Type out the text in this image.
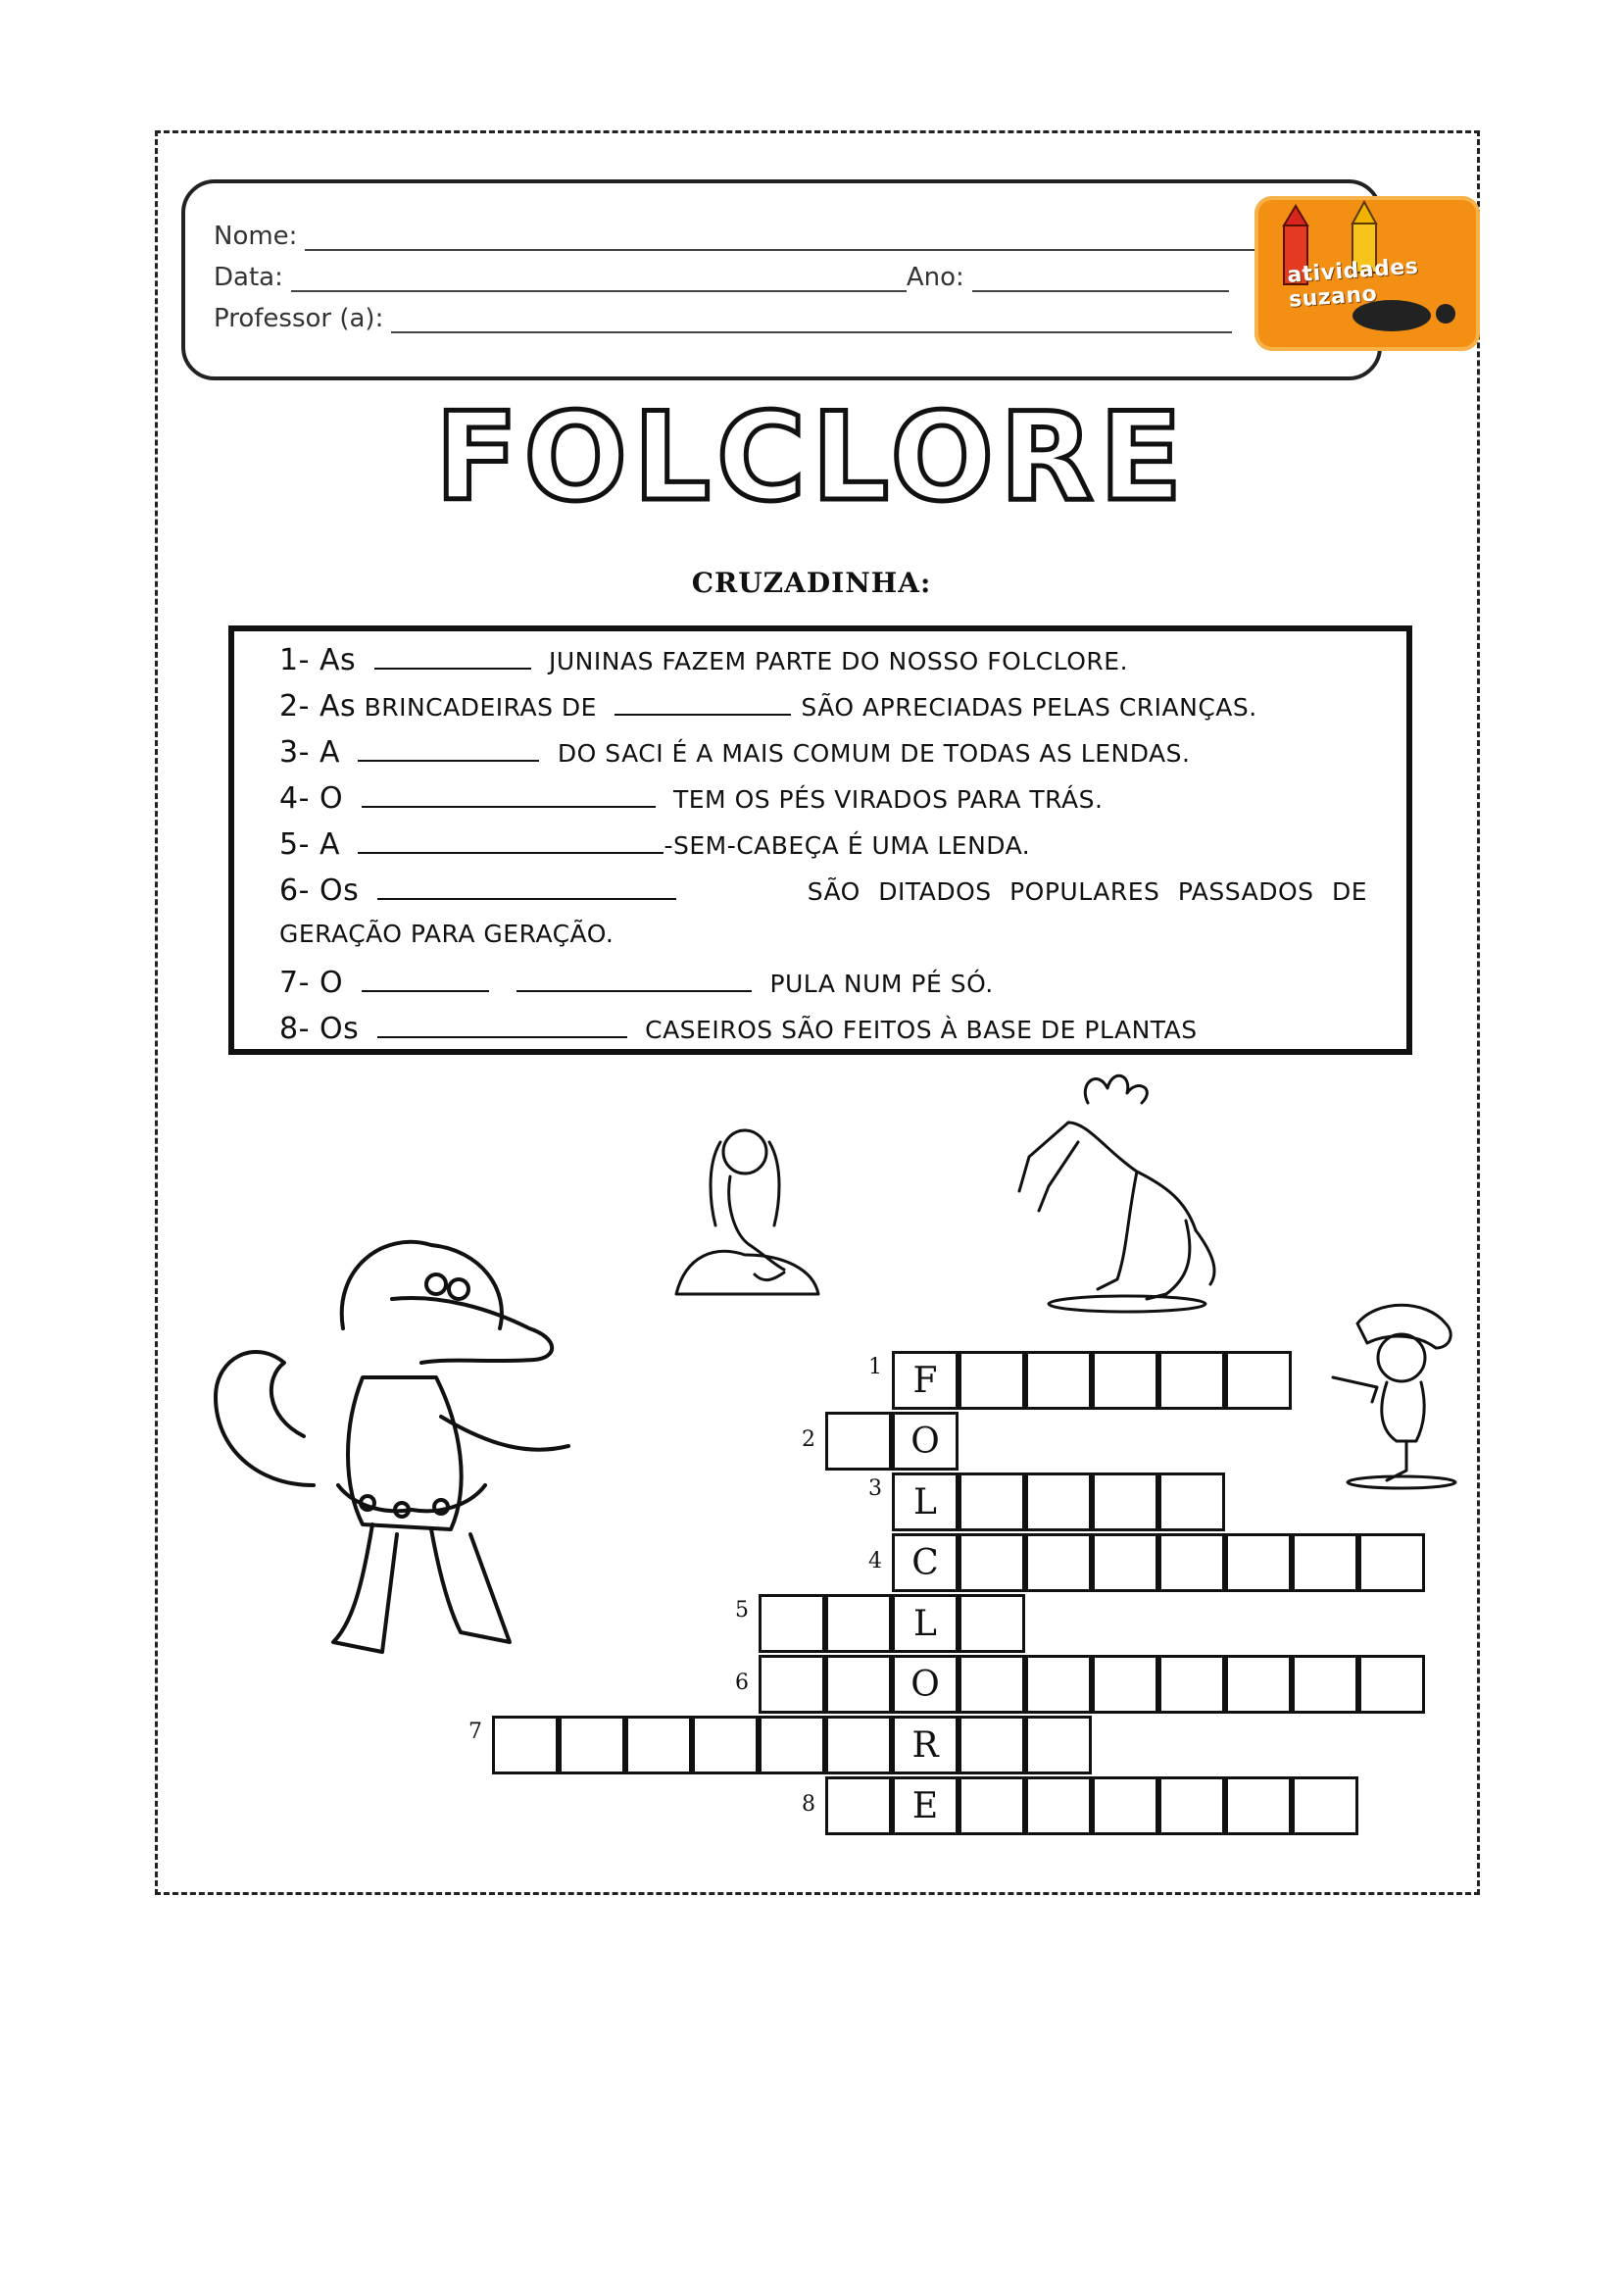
Nome:
Data:	Ano:
Professor (a):
atividades suzano
FOLCLORE
CRUZADINHA:
1- As	JUNINAS FAZEM PARTE DO NOSSO FOLCLORE.
2- As BRINCADEIRAS DE	SÃO APRECIADAS PELAS CRIANÇAS.
3- A	DO SACI É A MAIS COMUM DE TODAS AS LENDAS.
4- O	TEM OS PÉS VIRADOS PARA TRÁS.
5- A	-SEM-CABEÇA É UMA LENDA.
6- Os	SÃO DITADOS POPULARES PASSADOS DE
GERAÇÃO PARA GERAÇÃO.
7- O	PULA NUM PÉ SÓ.
8- Os	CASEIROS SÃO FEITOS À BASE DE PLANTAS
F
1
O
2
L
3
C
4
L
5
O
6
R
7
E
8
